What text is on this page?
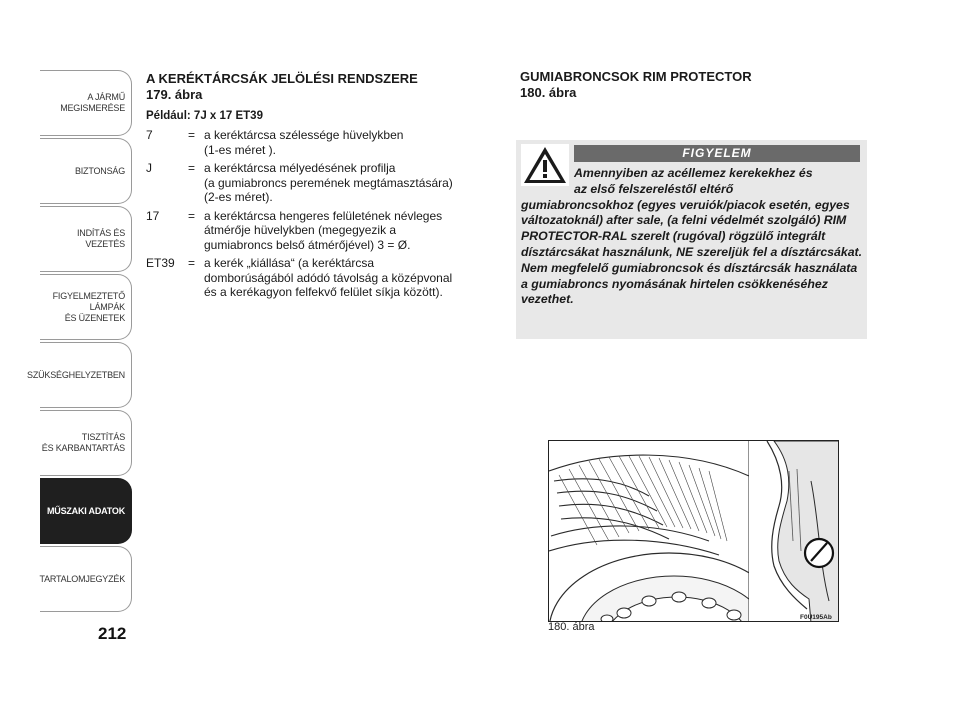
A JÁRMŰ
MEGISMERÉSE
BIZTONSÁG
INDÍTÁS ÉS VEZETÉS
FIGYELMEZTETŐ
LÁMPÁK
ÉS ÜZENETEK
SZÜKSÉGHELYZETBEN
TISZTÍTÁS
ÉS KARBANTARTÁS
MŰSZAKI ADATOK
TARTALOMJEGYZÉK
212
A KERÉKTÁRCSÁK JELÖLÉSI RENDSZERE
179. ábra
Például: 7J x 17 ET39
7	= a keréktárcsa szélessége hüvelykben

(1-es méret ).
J	= a keréktárcsa mélyedésének profilja

(a gumiabroncs peremének megtámasztására)
(2-es méret).
17	= a keréktárcsa hengeres felületének névleges

átmérője hüvelykben (megegyezik a
gumiabroncs belső átmérőjével) 3 = Ø.
ET39	= a kerék „kiállása“ (a keréktárcsa

domborúságából adódó távolság a középvonal
és a kerékagyon felfekvő felület síkja között).
GUMIABRONCSOK RIM PROTECTOR
180. ábra
FIGYELEM
Amennyiben az acéllemez kerekekhez és
az első felszereléstől eltérő
gumiabroncsokhoz (egyes veruiók/piacok esetén, egyes változatoknál) after sale, (a felni védelmét szolgáló) RIM PROTECTOR-RAL szerelt (rugóval) rögzülő integrált dísztárcsákat használunk, NE szereljük fel a dísztárcsákat. Nem megfelelő gumiabroncsok és dísztárcsák használata a gumiabroncs nyomásának hirtelen csökkenéséhez vezethet.
F0U195Ab
180. ábra
